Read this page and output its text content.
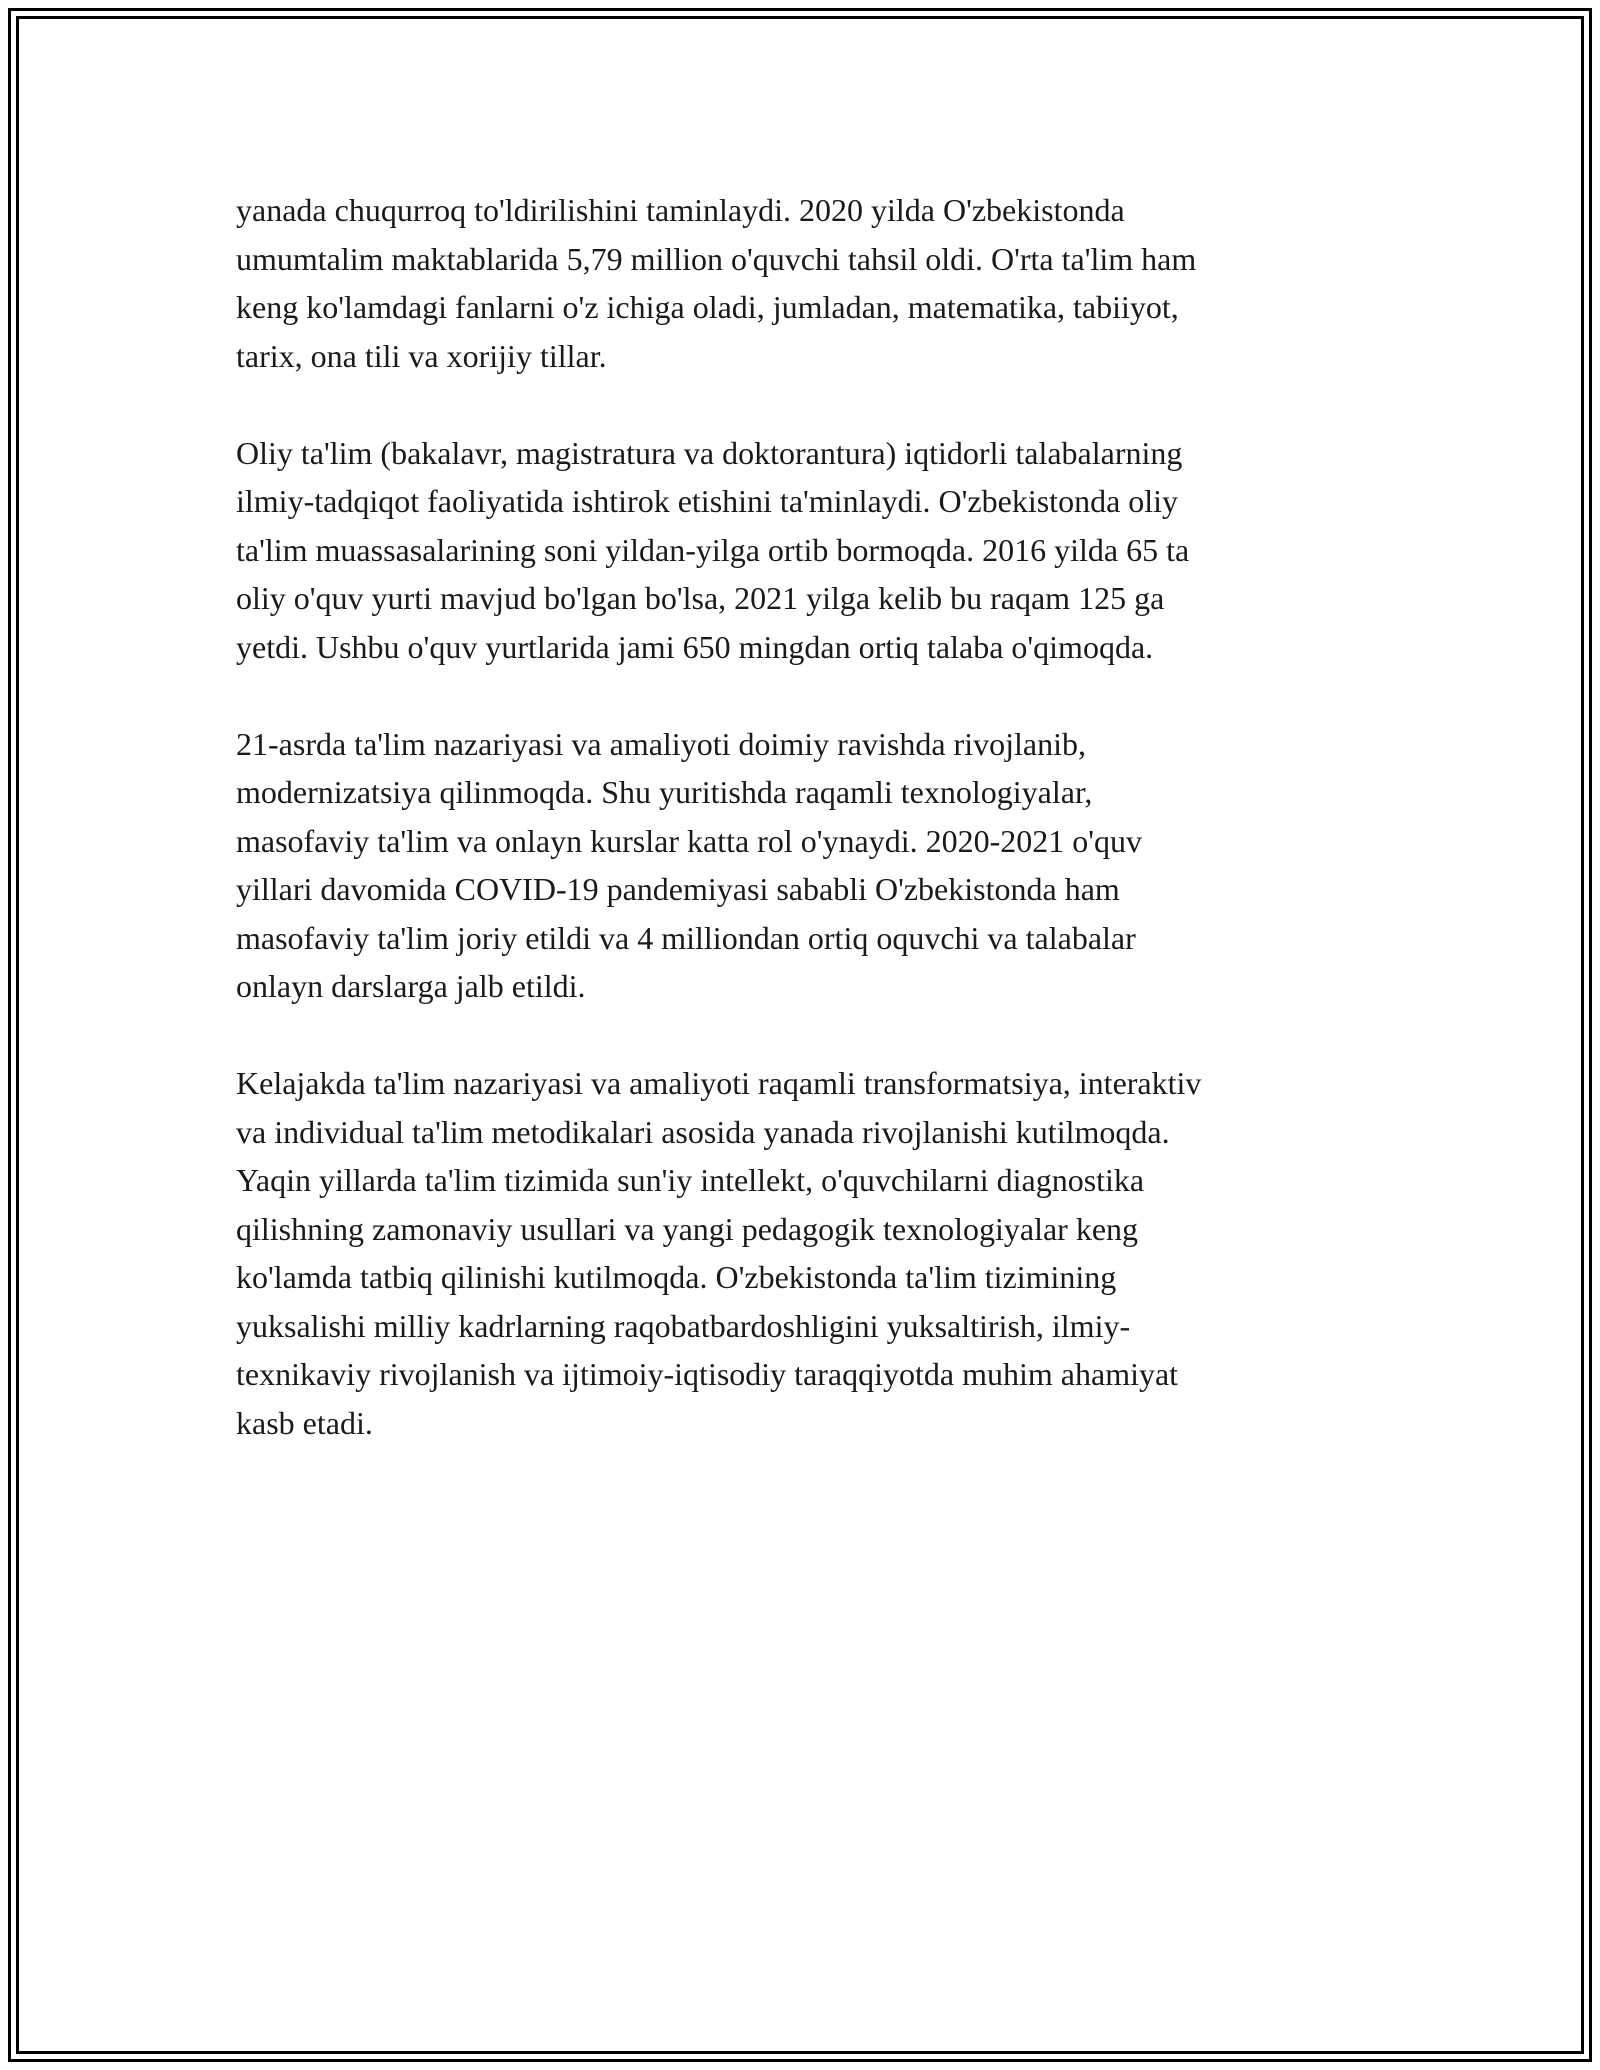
yanada chuqurroq to'ldirilishini taminlaydi. 2020 yilda O'zbekistonda
umumtalim maktablarida 5,79 million o'quvchi tahsil oldi. O'rta ta'lim ham
keng ko'lamdagi fanlarni o'z ichiga oladi, jumladan, matematika, tabiiyot,
tarix, ona tili va xorijiy tillar.

Oliy ta'lim (bakalavr, magistratura va doktorantura) iqtidorli talabalarning
ilmiy-tadqiqot faoliyatida ishtirok etishini ta'minlaydi. O'zbekistonda oliy
ta'lim muassasalarining soni yildan-yilga ortib bormoqda. 2016 yilda 65 ta
oliy o'quv yurti mavjud bo'lgan bo'lsa, 2021 yilga kelib bu raqam 125 ga
yetdi. Ushbu o'quv yurtlarida jami 650 mingdan ortiq talaba o'qimoqda.

21-asrda ta'lim nazariyasi va amaliyoti doimiy ravishda rivojlanib,
modernizatsiya qilinmoqda. Shu yuritishda raqamli texnologiyalar,
masofaviy ta'lim va onlayn kurslar katta rol o'ynaydi. 2020-2021 o'quv
yillari davomida COVID-19 pandemiyasi sababli O'zbekistonda ham
masofaviy ta'lim joriy etildi va 4 milliondan ortiq oquvchi va talabalar
onlayn darslarga jalb etildi.

Kelajakda ta'lim nazariyasi va amaliyoti raqamli transformatsiya, interaktiv
va individual ta'lim metodikalari asosida yanada rivojlanishi kutilmoqda.
Yaqin yillarda ta'lim tizimida sun'iy intellekt, o'quvchilarni diagnostika
qilishning zamonaviy usullari va yangi pedagogik texnologiyalar keng
ko'lamda tatbiq qilinishi kutilmoqda. O'zbekistonda ta'lim tizimining
yuksalishi milliy kadrlarning raqobatbardoshligini yuksaltirish, ilmiy-
texnikaviy rivojlanish va ijtimoiy-iqtisodiy taraqqiyotda muhim ahamiyat
kasb etadi.
